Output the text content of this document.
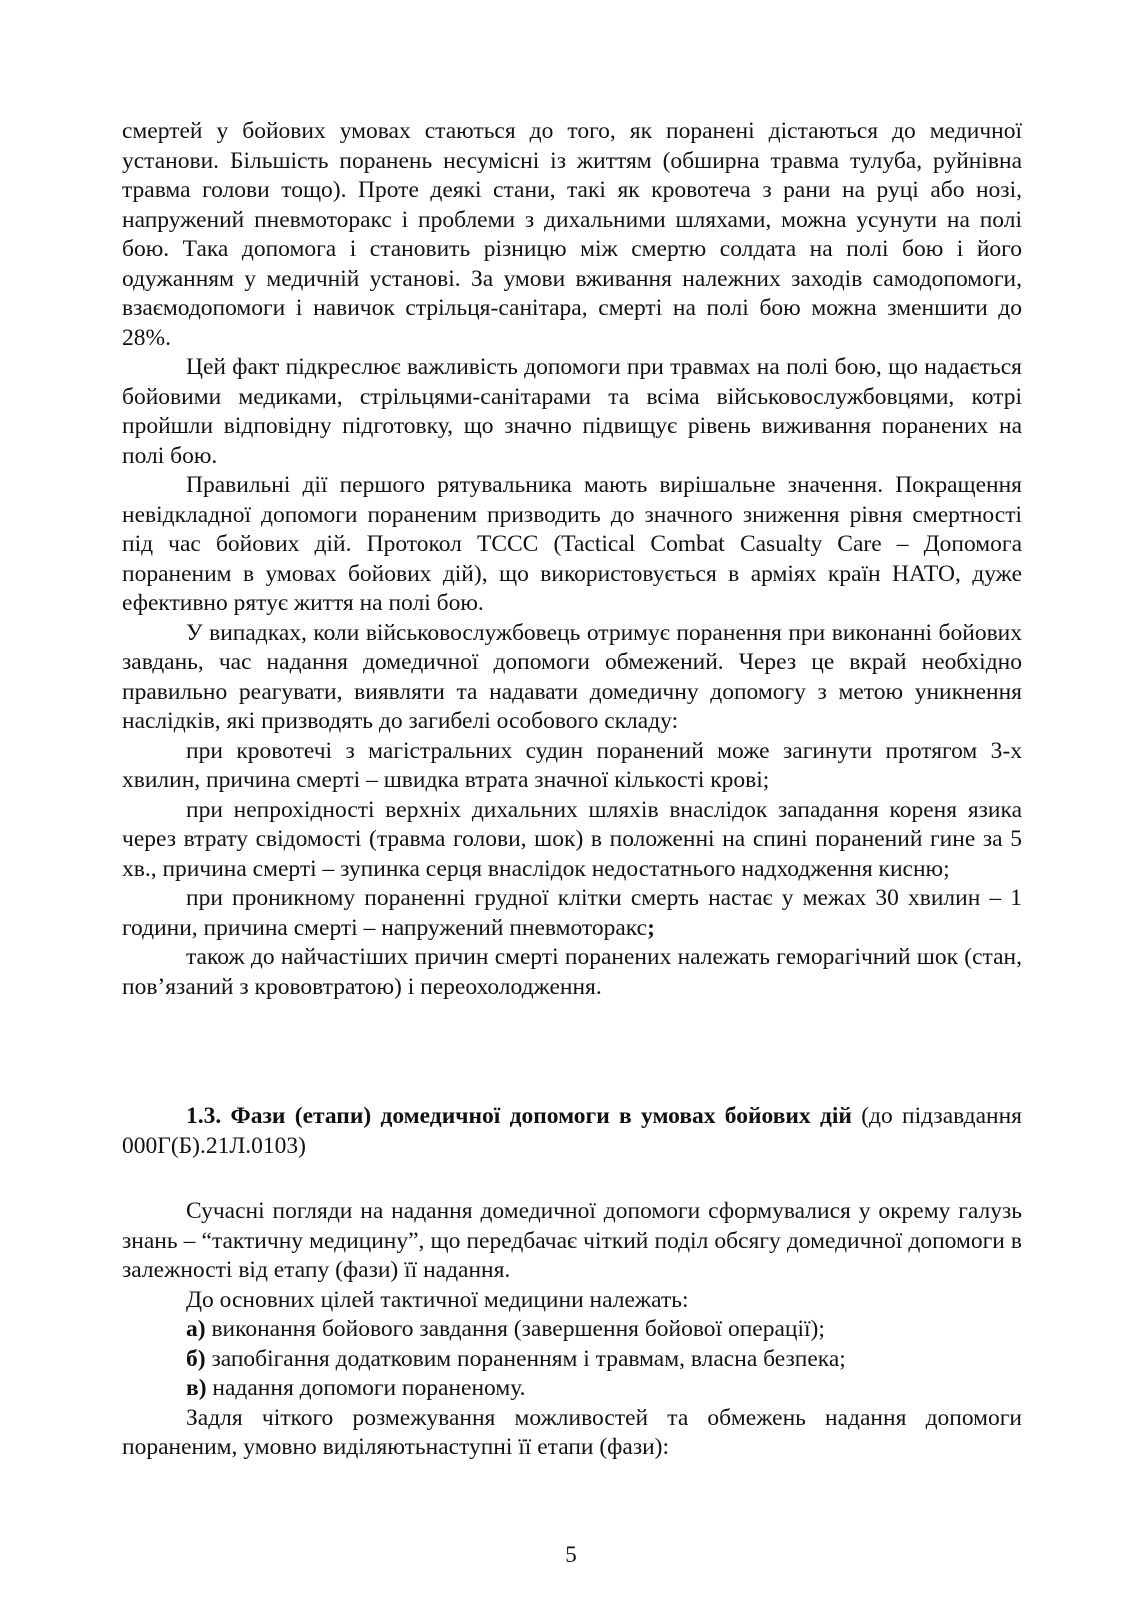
смертей у бойових умовах стаються до того, як поранені дістаються до медичної установи. Більшість поранень несумісні із життям (обширна травма тулуба, руйнівна травма голови тощо). Проте деякі стани, такі як кровотеча з рани на руці або нозі, напружений пневмоторакс і проблеми з дихальними шляхами, можна усунути на полі бою. Така допомога і становить різницю між смертю солдата на полі бою і його одужанням у медичній установі. За умови вживання належних заходів самодопомоги, взаємодопомоги і навичок стрільця-санітара, смерті на полі бою можна зменшити до 28%.

Цей факт підкреслює важливість допомоги при травмах на полі бою, що надається бойовими медиками, стрільцями-санітарами та всіма військовослужбовцями, котрі пройшли відповідну підготовку, що значно підвищує рівень виживання поранених на полі бою.

Правильні дії першого рятувальника мають вирішальне значення. Покращення невідкладної допомоги пораненим призводить до значного зниження рівня смертності під час бойових дій. Протокол ТССС (Tactical Combat Casualty Care – Допомога пораненим в умовах бойових дій), що використовується в арміях країн НАТО, дуже ефективно рятує життя на полі бою.

У випадках, коли військовослужбовець отримує поранення при виконанні бойових завдань, час надання домедичної допомоги обмежений. Через це вкрай необхідно правильно реагувати, виявляти та надавати домедичну допомогу з метою уникнення наслідків, які призводять до загибелі особового складу:

при кровотечі з магістральних судин поранений може загинути протягом 3-х хвилин, причина смерті – швидка втрата значної кількості крові;

при непрохідності верхніх дихальних шляхів внаслідок западання кореня язика через втрату свідомості (травма голови, шок) в положенні на спині поранений гине за 5 хв., причина смерті – зупинка серця внаслідок недостатнього надходження кисню;

при проникному пораненні грудної клітки смерть настає у межах 30 хвилин – 1 години, причина смерті – напружений пневмоторакс;

також до найчастіших причин смерті поранених належать геморагічний шок (стан, пов’язаний з крововтратою) і переохолодження.

1.3. Фази (етапи) домедичної допомоги в умовах бойових дій (до підзавдання 000Г(Б).21Л.0103)

Сучасні погляди на надання домедичної допомоги сформувалися у окрему галузь знань – “тактичну медицину”, що передбачає чіткий поділ обсягу домедичної допомоги в залежності від етапу (фази) її надання.

До основних цілей тактичної медицини належать:

а) виконання бойового завдання (завершення бойової операції);

б) запобігання додатковим пораненням і травмам, власна безпека;

в) надання допомоги пораненому.

Задля чіткого розмежування можливостей та обмежень надання допомоги пораненим, умовно виділяютьнаступні її етапи (фази):

5
